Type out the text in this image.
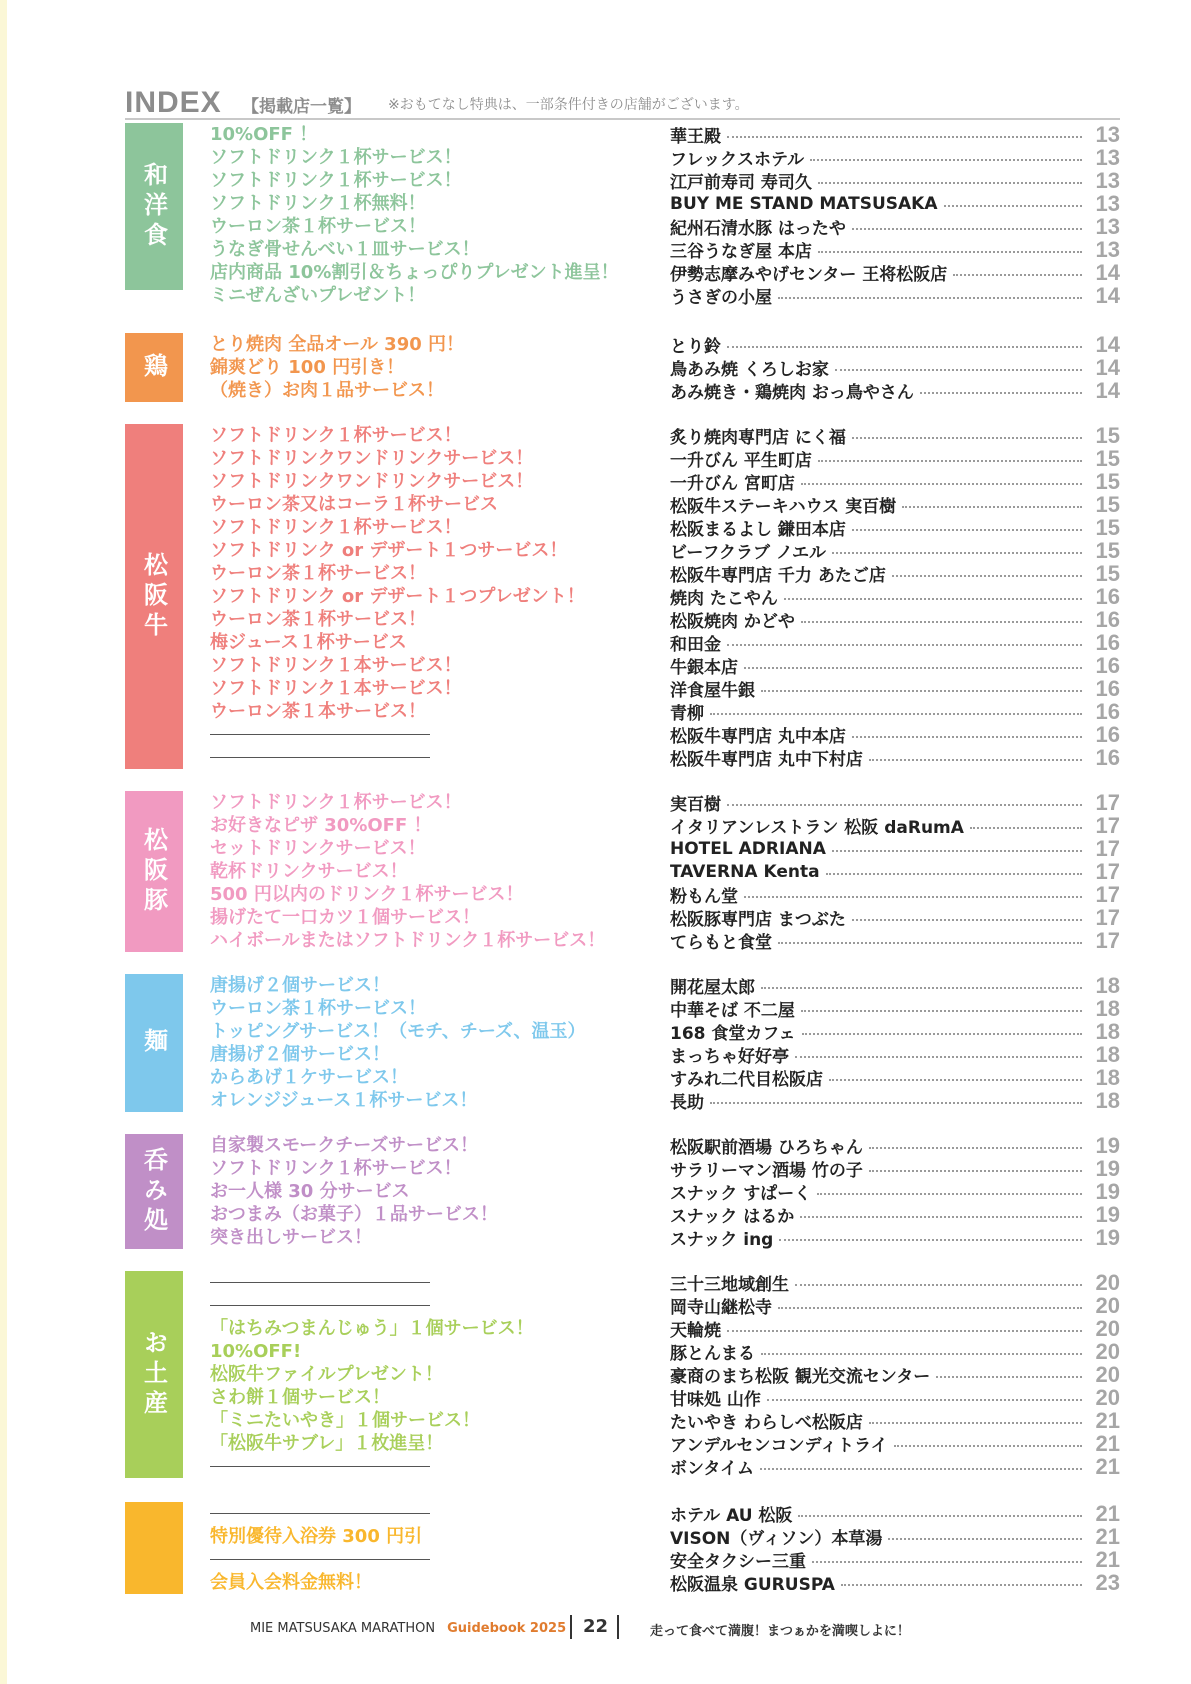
INDEX 【掲載店一覧】 ※おもてなし特典は、一部条件付きの店舗がございます。
和洋食
10%OFF ！
ソフトドリンク１杯サービス！
ソフトドリンク１杯サービス！
ソフトドリンク１杯無料！
ウーロン茶１杯サービス！
うなぎ骨せんべい１皿サービス！
店内商品 10%割引＆ちょっぴりプレゼント進呈！
ミニぜんざいプレゼント！
華王殿	13
フレックスホテル	13
江戸前寿司 寿司久	13
BUY ME STAND MATSUSAKA	13
紀州石清水豚 はったや	13
三谷うなぎ屋 本店	13
伊勢志摩みやげセンター 王将松阪店	14
うさぎの小屋	14
鶏
とり焼肉 全品オール 390 円！
錦爽どり 100 円引き！
（焼き）お肉１品サービス！
とり鈴	14
鳥あみ焼 くろしお家	14
あみ焼き・鶏焼肉 おっ鳥やさん	14
松阪牛
ソフトドリンク１杯サービス！
ソフトドリンクワンドリンクサービス！
ソフトドリンクワンドリンクサービス！
ウーロン茶又はコーラ１杯サービス
ソフトドリンク１杯サービス！
ソフトドリンク or デザート１つサービス！
ウーロン茶１杯サービス！
ソフトドリンク or デザート１つプレゼント！
ウーロン茶１杯サービス！
梅ジュース１杯サービス
ソフトドリンク１本サービス！
ソフトドリンク１本サービス！
ウーロン茶１本サービス！
炙り焼肉専門店 にく福	15
一升びん 平生町店	15
一升びん 宮町店	15
松阪牛ステーキハウス 実百樹	15
松阪まるよし 鎌田本店	15
ビーフクラブ ノエル	15
松阪牛専門店 千力 あたご店	15
焼肉 たこやん	16
松阪焼肉 かどや	16
和田金	16
牛銀本店	16
洋食屋牛銀	16
青柳	16
松阪牛専門店 丸中本店	16
松阪牛専門店 丸中下村店	16
松阪豚
ソフトドリンク１杯サービス！
お好きなピザ 30%OFF ！
セットドリンクサービス！
乾杯ドリンクサービス！
500 円以内のドリンク１杯サービス！
揚げたて一口カツ１個サービス！
ハイボールまたはソフトドリンク１杯サービス！
実百樹	17
イタリアンレストラン 松阪 daRumA	17
HOTEL ADRIANA	17
TAVERNA Kenta	17
粉もん堂	17
松阪豚専門店 まつぶた	17
てらもと食堂	17
麺
唐揚げ２個サービス！
ウーロン茶１杯サービス！
トッピングサービス！（モチ、チーズ、温玉）
唐揚げ２個サービス！
からあげ１ケサービス！
オレンジジュース１杯サービス！
開花屋太郎	18
中華そば 不二屋	18
168 食堂カフェ	18
まっちゃ好好亭	18
すみれ二代目松阪店	18
長助	18
呑み処
自家製スモークチーズサービス！
ソフトドリンク１杯サービス！
お一人様 30 分サービス
おつまみ（お菓子）１品サービス！
突き出しサービス！
松阪駅前酒場 ひろちゃん	19
サラリーマン酒場 竹の子	19
スナック すぱーく	19
スナック はるか	19
スナック ing	19
お土産
「はちみつまんじゅう」１個サービス！
10%OFF!
松阪牛ファイルプレゼント！
さわ餅１個サービス！
「ミニたいやき」１個サービス！
「松阪牛サブレ」１枚進呈！
三十三地域創生	20
岡寺山継松寺	20
天輪焼	20
豚とんまる	20
豪商のまち松阪 観光交流センター	20
甘味処 山作	20
たいやき わらしべ松阪店	21
アンデルセンコンディトライ	21
ボンタイム	21
特別優待入浴券 300 円引
会員入会料金無料！
ホテル AU 松阪	21
VISON（ヴィソン）本草湯	21
安全タクシー三重	21
松阪温泉 GURUSPA	23
MIE MATSUSAKA MARATHON Guidebook 2025 22	走って食べて満腹！まつぁかを満喫しよに！
